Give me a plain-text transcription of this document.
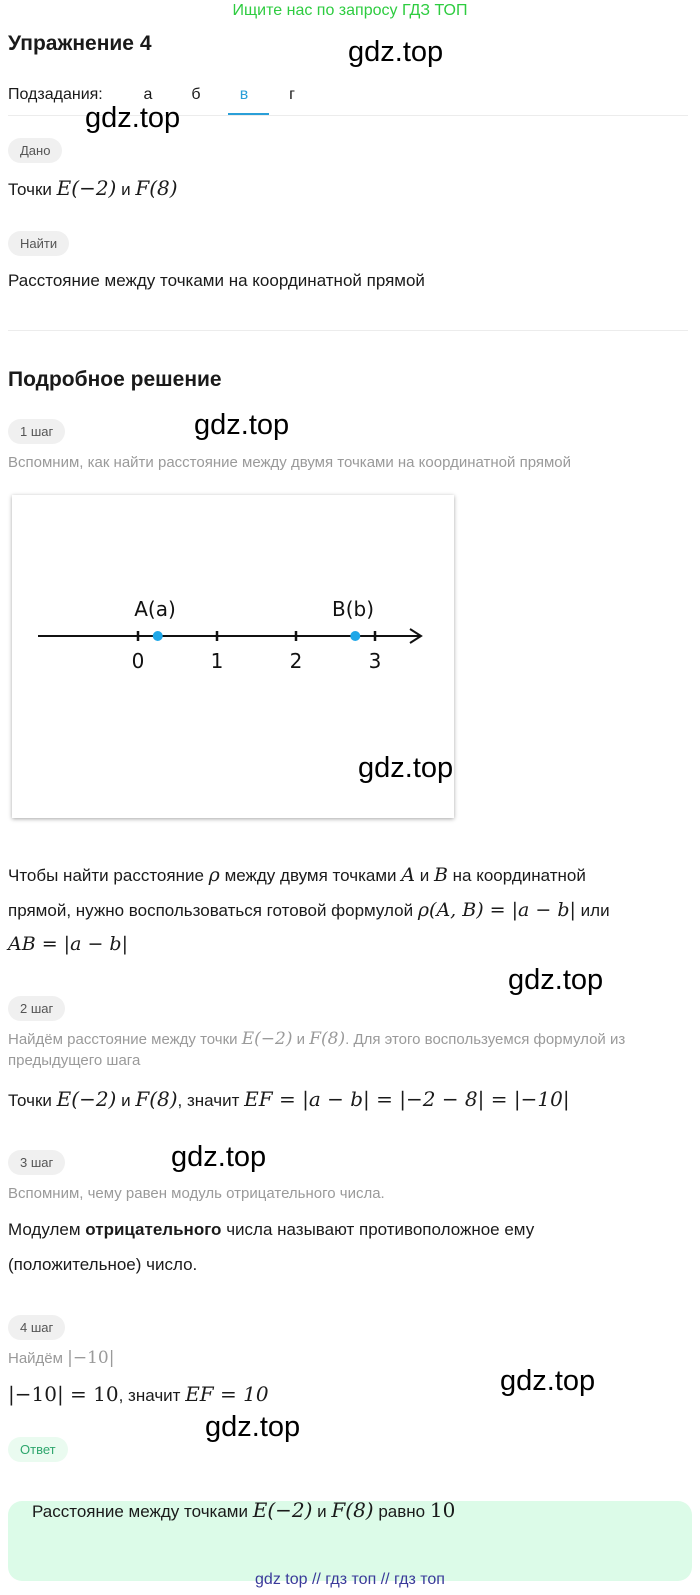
Ищите нас по запросу ГДЗ ТОП
Упражнение 4	gdz.top
Подзадания:	а	б	в	г
gdz.top
Дано
Точки E(−2) и F(8)
Найти
Расстояние между точками на координатной прямой
Подробное решение
1 шаг	gdz.top
Вспомним, как найти расстояние между двумя точками на координатной прямой
0	1	2	3
A(a)	B(b)
gdz.top
Чтобы найти расстояние ρ между двумя точками A и B на координатной
прямой, нужно воспользоваться готовой формулой ρ(A, B) = |a − b| или
AB = |a − b|
gdz.top
2 шаг
Найдём расстояние между точки E(−2) и F(8). Для этого воспользуемся формулой из
предыдущего шага
Точки E(−2) и F(8), значит EF = |a − b| = |−2 − 8| = |−10|
3 шаг	gdz.top
Вспомним, чему равен модуль отрицательного числа.
Модулем отрицательного числа называют противоположное ему
(положительное) число.
4 шаг
Найдём |−10|
|−10| = 10, значит EF = 10	gdz.top
gdz.top
Ответ
Расстояние между точками E(−2) и F(8) равно 10
gdz top // гдз топ // гдз топ
